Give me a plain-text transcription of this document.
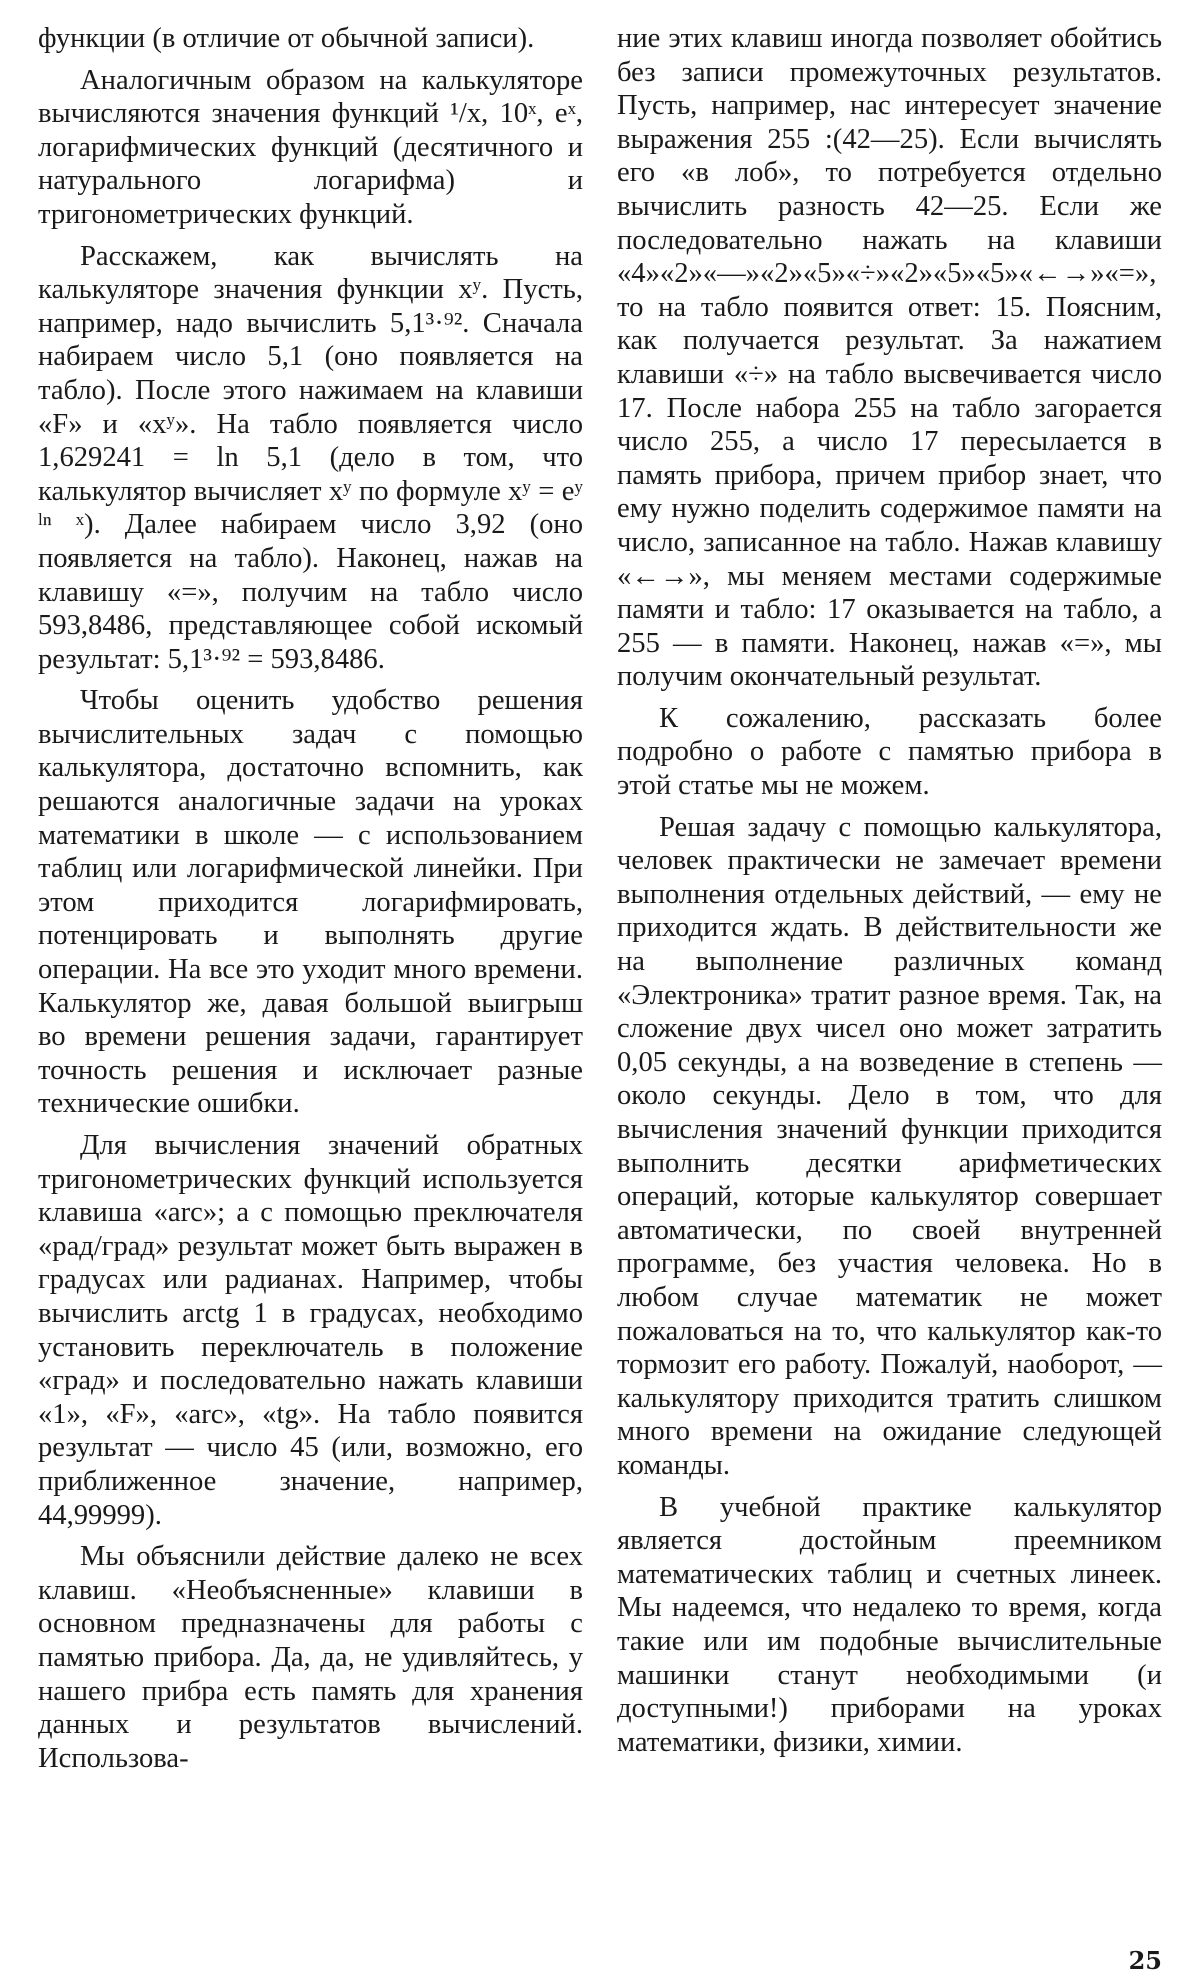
функции (в отличие от обычной записи).

Аналогичным образом на калькуляторе вычисляются значения функций ¹/x, 10ˣ, eˣ, логарифмических функций (десятичного и натурального логарифма) и тригонометрических функций.

Расскажем, как вычислять на калькуляторе значения функции xʸ. Пусть, например, надо вычислить 5,1³·⁹². Сначала набираем число 5,1 (оно появляется на табло). После этого нажимаем на клавиши «F» и «xʸ». На табло появляется число 1,629241 = ln 5,1 (дело в том, что калькулятор вычисляет xʸ по формуле xʸ = eʸ ˡⁿ ˣ). Далее набираем число 3,92 (оно появляется на табло). Наконец, нажав на клавишу «=», получим на табло число 593,8486, представляющее собой искомый результат: 5,1³·⁹² = 593,8486.

Чтобы оценить удобство решения вычислительных задач с помощью калькулятора, достаточно вспомнить, как решаются аналогичные задачи на уроках математики в школе — с использованием таблиц или логарифмической линейки. При этом приходится логарифмировать, потенцировать и выполнять другие операции. На все это уходит много времени. Калькулятор же, давая большой выигрыш во времени решения задачи, гарантирует точность решения и исключает разные технические ошибки.

Для вычисления значений обратных тригонометрических функций используется клавиша «arc»; а с помощью преключателя «рад/град» результат может быть выражен в градусах или радианах. Например, чтобы вычислить arctg 1 в градусах, необходимо установить переключатель в положение «град» и последовательно нажать клавиши «1», «F», «arc», «tg». На табло появится результат — число 45 (или, возможно, его приближенное значение, например, 44,99999).

Мы объяснили действие далеко не всех клавиш. «Необъясненные» клавиши в основном предназначены для работы с памятью прибора. Да, да, не удивляйтесь, у нашего прибра есть память для хранения данных и результатов вычислений. Использова-

ние этих клавиш иногда позволяет обойтись без записи промежуточных результатов. Пусть, например, нас интересует значение выражения 255 :(42—25). Если вычислять его «в лоб», то потребуется отдельно вычислить разность 42—25. Если же последовательно нажать на клавиши «4»«2»«—»«2»«5»«÷»«2»«5»«5»«←→»«=», то на табло появится ответ: 15. Поясним, как получается результат. За нажатием клавиши «÷» на табло высвечивается число 17. После набора 255 на табло загорается число 255, а число 17 пересылается в память прибора, причем прибор знает, что ему нужно поделить содержимое памяти на число, записанное на табло. Нажав клавишу «←→», мы меняем местами содержимые памяти и табло: 17 оказывается на табло, а 255 — в памяти. Наконец, нажав «=», мы получим окончательный результат.

К сожалению, рассказать более подробно о работе с памятью прибора в этой статье мы не можем.

Решая задачу с помощью калькулятора, человек практически не замечает времени выполнения отдельных действий, — ему не приходится ждать. В действительности же на выполнение различных команд «Электроника» тратит разное время. Так, на сложение двух чисел оно может затратить 0,05 секунды, а на возведение в степень — около секунды. Дело в том, что для вычисления значений функции приходится выполнить десятки арифметических операций, которые калькулятор совершает автоматически, по своей внутренней программе, без участия человека. Но в любом случае математик не может пожаловаться на то, что калькулятор как-то тормозит его работу. Пожалуй, наоборот, — калькулятору приходится тратить слишком много времени на ожидание следующей команды.

В учебной практике калькулятор является достойным преемником математических таблиц и счетных линеек. Мы надеемся, что недалеко то время, когда такие или им подобные вычислительные машинки станут необходимыми (и доступными!) приборами на уроках математики, физики, химии.

25
